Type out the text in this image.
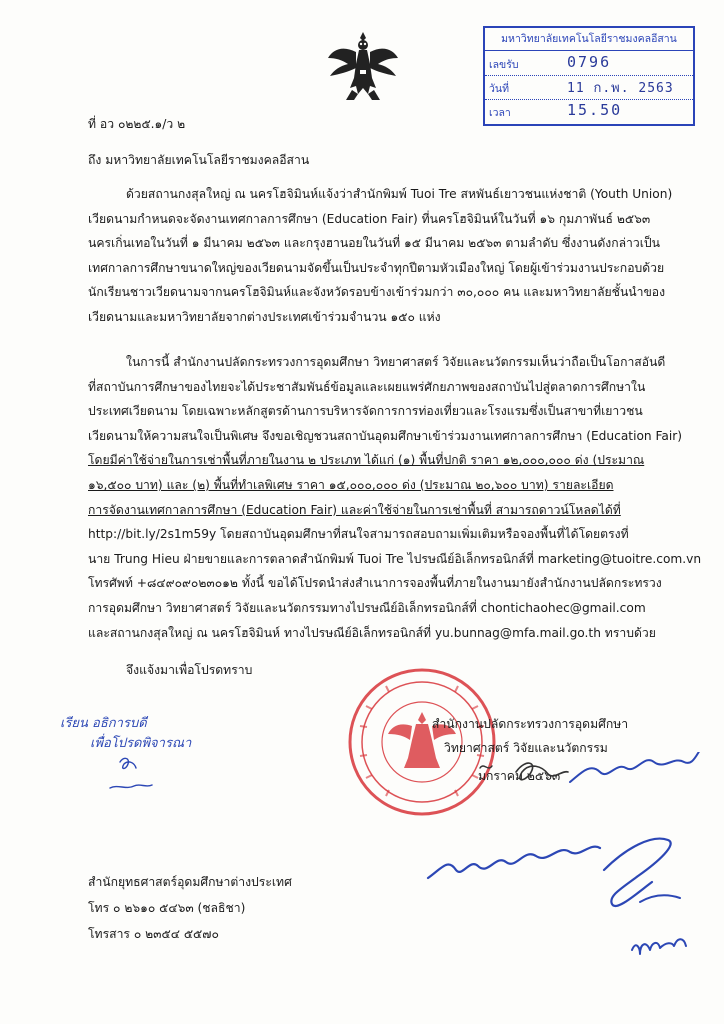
มหาวิทยาลัยเทคโนโลยีราชมงคลอีสาน
เลขรับ	0796
วันที่	11 ก.พ. 2563
เวลา	15.50
ที่ อว ๐๒๒๕.๑/ว ๒
ถึง มหาวิทยาลัยเทคโนโลยีราชมงคลอีสาน
ด้วยสถานกงสุลใหญ่ ณ นครโฮจิมินห์แจ้งว่าสำนักพิมพ์ Tuoi Tre สหพันธ์เยาวชนแห่งชาติ (Youth Union)
เวียดนามกำหนดจะจัดงานเทศกาลการศึกษา (Education Fair) ที่นครโฮจิมินห์ในวันที่ ๑๖ กุมภาพันธ์ ๒๕๖๓
นครเกิ่นเทอในวันที่ ๑ มีนาคม ๒๕๖๓ และกรุงฮานอยในวันที่ ๑๕ มีนาคม ๒๕๖๓ ตามลำดับ ซึ่งงานดังกล่าวเป็น
เทศกาลการศึกษาขนาดใหญ่ของเวียดนามจัดขึ้นเป็นประจำทุกปีตามหัวเมืองใหญ่ โดยผู้เข้าร่วมงานประกอบด้วย
นักเรียนชาวเวียดนามจากนครโฮจิมินห์และจังหวัดรอบข้างเข้าร่วมกว่า ๓๐,๐๐๐ คน และมหาวิทยาลัยชั้นนำของ
เวียดนามและมหาวิทยาลัยจากต่างประเทศเข้าร่วมจำนวน ๑๕๐ แห่ง
ในการนี้ สำนักงานปลัดกระทรวงการอุดมศึกษา วิทยาศาสตร์ วิจัยและนวัตกรรมเห็นว่าถือเป็นโอกาสอันดี
ที่สถาบันการศึกษาของไทยจะได้ประชาสัมพันธ์ข้อมูลและเผยแพร่ศักยภาพของสถาบันไปสู่ตลาดการศึกษาใน
ประเทศเวียดนาม โดยเฉพาะหลักสูตรด้านการบริหารจัดการการท่องเที่ยวและโรงแรมซึ่งเป็นสาขาที่เยาวชน
เวียดนามให้ความสนใจเป็นพิเศษ จึงขอเชิญชวนสถาบันอุดมศึกษาเข้าร่วมงานเทศกาลการศึกษา (Education Fair)
โดยมีค่าใช้จ่ายในการเช่าพื้นที่ภายในงาน ๒ ประเภท ได้แก่ (๑) พื้นที่ปกติ ราคา ๑๒,๐๐๐,๐๐๐ ด่ง (ประมาณ
๑๖,๕๐๐ บาท) และ (๒) พื้นที่ทำเลพิเศษ ราคา ๑๕,๐๐๐,๐๐๐ ด่ง (ประมาณ ๒๐,๖๐๐ บาท) รายละเอียด
การจัดงานเทศกาลการศึกษา (Education Fair) และค่าใช้จ่ายในการเช่าพื้นที่ สามารถดาวน์โหลดได้ที่
http://bit.ly/2s1m59y โดยสถาบันอุดมศึกษาที่สนใจสามารถสอบถามเพิ่มเติมหรือจองพื้นที่ได้โดยตรงที่
นาย Trung Hieu ฝ่ายขายและการตลาดสำนักพิมพ์ Tuoi Tre ไปรษณีย์อิเล็กทรอนิกส์ที่ marketing@tuoitre.com.vn
โทรศัพท์ +๘๔๙๐๙๐๒๓๐๑๒ ทั้งนี้ ขอได้โปรดนำส่งสำเนาการจองพื้นที่ภายในงานมายังสำนักงานปลัดกระทรวง
การอุดมศึกษา วิทยาศาสตร์ วิจัยและนวัตกรรมทางไปรษณีย์อิเล็กทรอนิกส์ที่ chontichaohec@gmail.com
และสถานกงสุลใหญ่ ณ นครโฮจิมินห์ ทางไปรษณีย์อิเล็กทรอนิกส์ที่ yu.bunnag@mfa.mail.go.th ทราบด้วย
จึงแจ้งมาเพื่อโปรดทราบ
สำนักงานปลัดกระทรวงการอุดมศึกษา
วิทยาศาสตร์ วิจัยและนวัตกรรม
มกราคม ๒๕๖๓
เรียน อธิการบดี
เพื่อโปรดพิจารณา
สำนักยุทธศาสตร์อุดมศึกษาต่างประเทศ
โทร ๐ ๒๖๑๐ ๕๔๖๓ (ชลธิชา)
โทรสาร ๐ ๒๓๕๔ ๕๕๗๐
